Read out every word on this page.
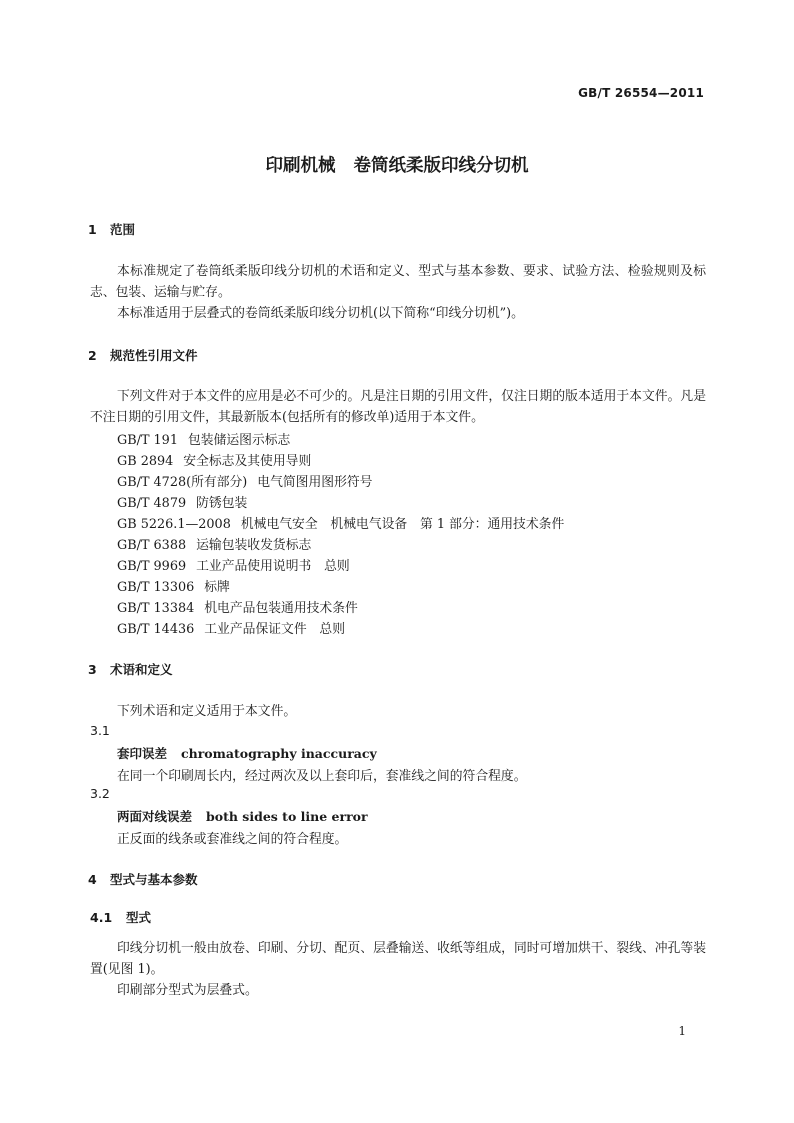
GB/T 26554—2011
印刷机械 卷筒纸柔版印线分切机
1 范围
本标准规定了卷筒纸柔版印线分切机的术语和定义、型式与基本参数、要求、试验方法、检验规则及标志、包装、运输与贮存。
本标准适用于层叠式的卷筒纸柔版印线分切机(以下简称“印线分切机”)。
2 规范性引用文件
下列文件对于本文件的应用是必不可少的。凡是注日期的引用文件，仅注日期的版本适用于本文件。凡是不注日期的引用文件，其最新版本(包括所有的修改单)适用于本文件。
GB/T 191 包装储运图示标志
GB 2894 安全标志及其使用导则
GB/T 4728(所有部分) 电气简图用图形符号
GB/T 4879 防锈包装
GB 5226.1—2008 机械电气安全　机械电气设备　第 1 部分：通用技术条件
GB/T 6388 运输包装收发货标志
GB/T 9969 工业产品使用说明书　总则
GB/T 13306 标牌
GB/T 13384 机电产品包装通用技术条件
GB/T 14436 工业产品保证文件　总则
3 术语和定义
下列术语和定义适用于本文件。
3.1
套印误差 chromatography inaccuracy
在同一个印刷周长内，经过两次及以上套印后，套准线之间的符合程度。
3.2
两面对线误差 both sides to line error
正反面的线条或套准线之间的符合程度。
4 型式与基本参数
4.1 型式
印线分切机一般由放卷、印刷、分切、配页、层叠输送、收纸等组成，同时可增加烘干、裂线、冲孔等装置(见图 1)。
印刷部分型式为层叠式。
1
